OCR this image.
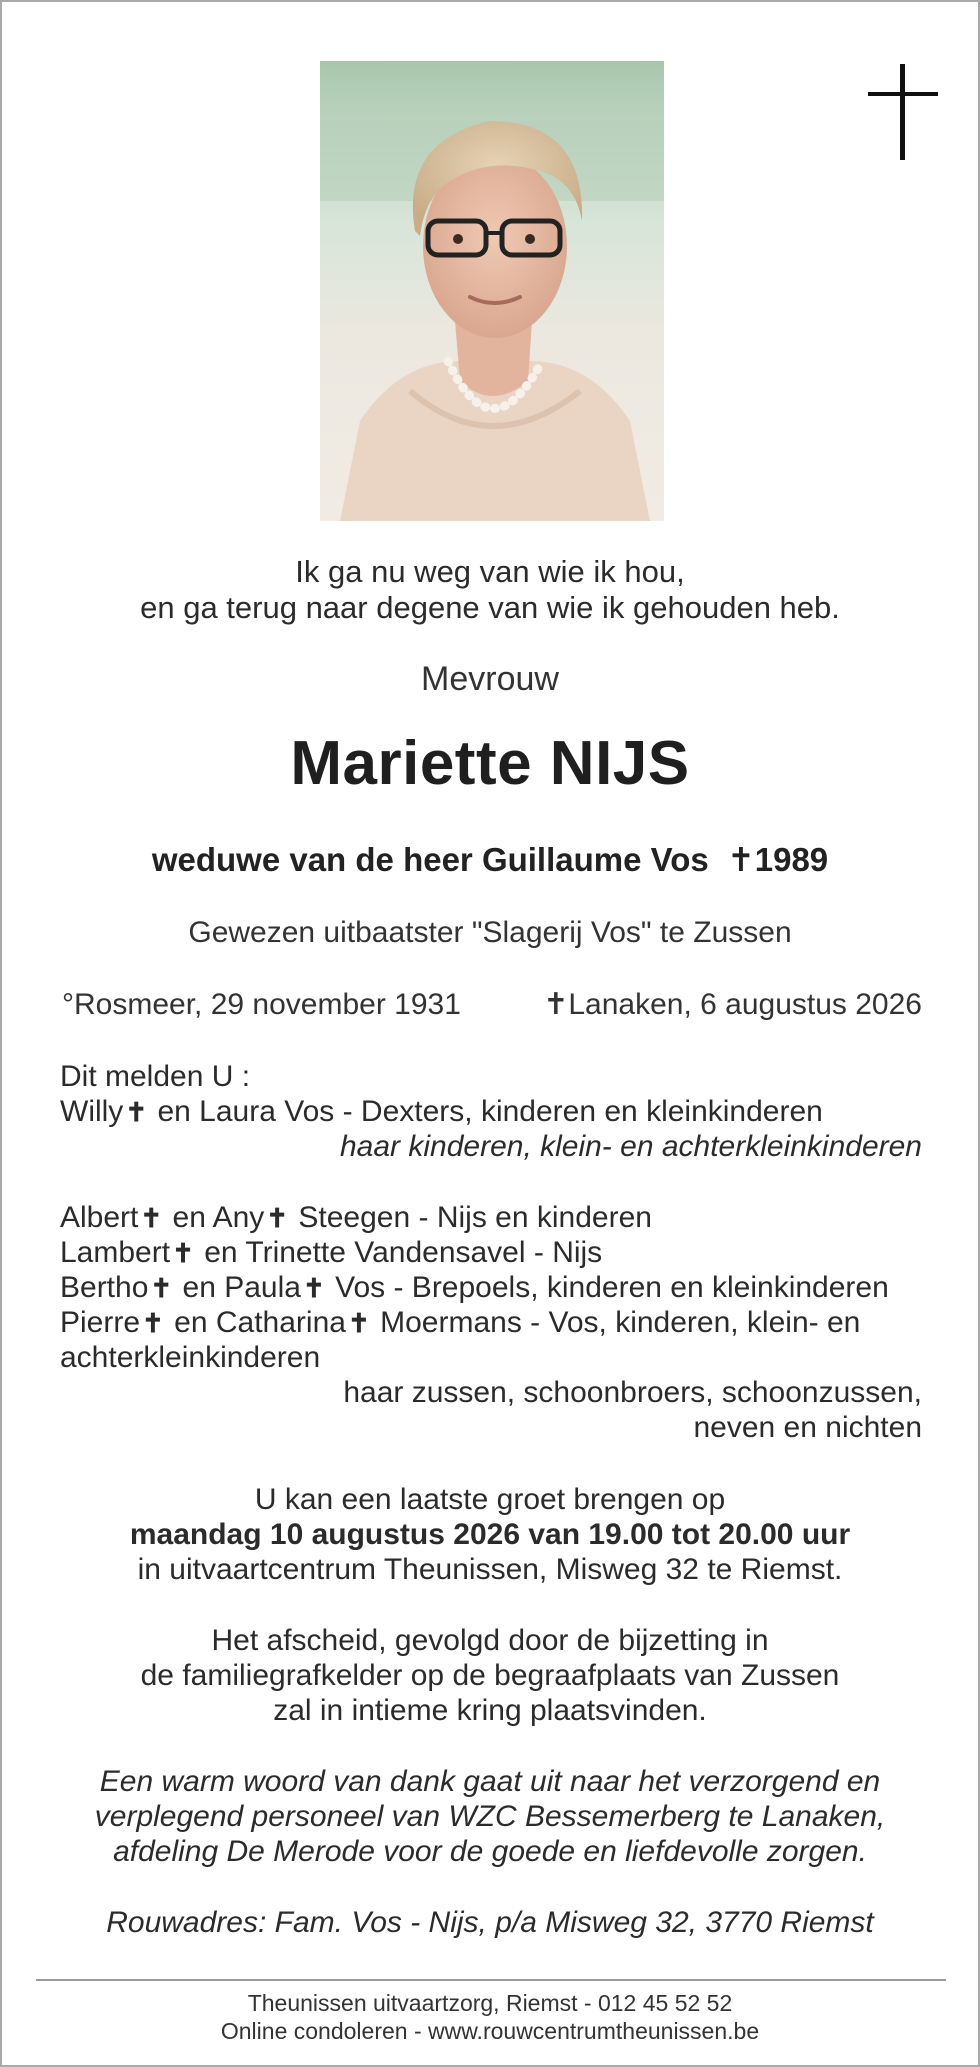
Ik ga nu weg van wie ik hou,
en ga terug naar degene van wie ik gehouden heb.
Mevrouw
Mariette NIJS
weduwe van de heer Guillaume Vos ✝1989
Gewezen uitbaatster "Slagerij Vos" te Zussen
°Rosmeer, 29 november 1931	✝Lanaken, 6 augustus 2026
Dit melden U :
Willy✝ en Laura Vos - Dexters, kinderen en kleinkinderen
haar kinderen, klein- en achterkleinkinderen
Albert✝ en Any✝ Steegen - Nijs en kinderen
Lambert✝ en Trinette Vandensavel - Nijs
Bertho✝ en Paula✝ Vos - Brepoels, kinderen en kleinkinderen
Pierre✝ en Catharina✝ Moermans - Vos, kinderen, klein- en
achterkleinkinderen
haar zussen, schoonbroers, schoonzussen,
neven en nichten
U kan een laatste groet brengen op
maandag 10 augustus 2026 van 19.00 tot 20.00 uur
in uitvaartcentrum Theunissen, Misweg 32 te Riemst.
Het afscheid, gevolgd door de bijzetting in
de familiegrafkelder op de begraafplaats van Zussen
zal in intieme kring plaatsvinden.
Een warm woord van dank gaat uit naar het verzorgend en
verplegend personeel van WZC Bessemerberg te Lanaken,
afdeling De Merode voor de goede en liefdevolle zorgen.
Rouwadres: Fam. Vos - Nijs, p/a Misweg 32, 3770 Riemst
Theunissen uitvaartzorg, Riemst - 012 45 52 52
Online condoleren - www.rouwcentrumtheunissen.be
